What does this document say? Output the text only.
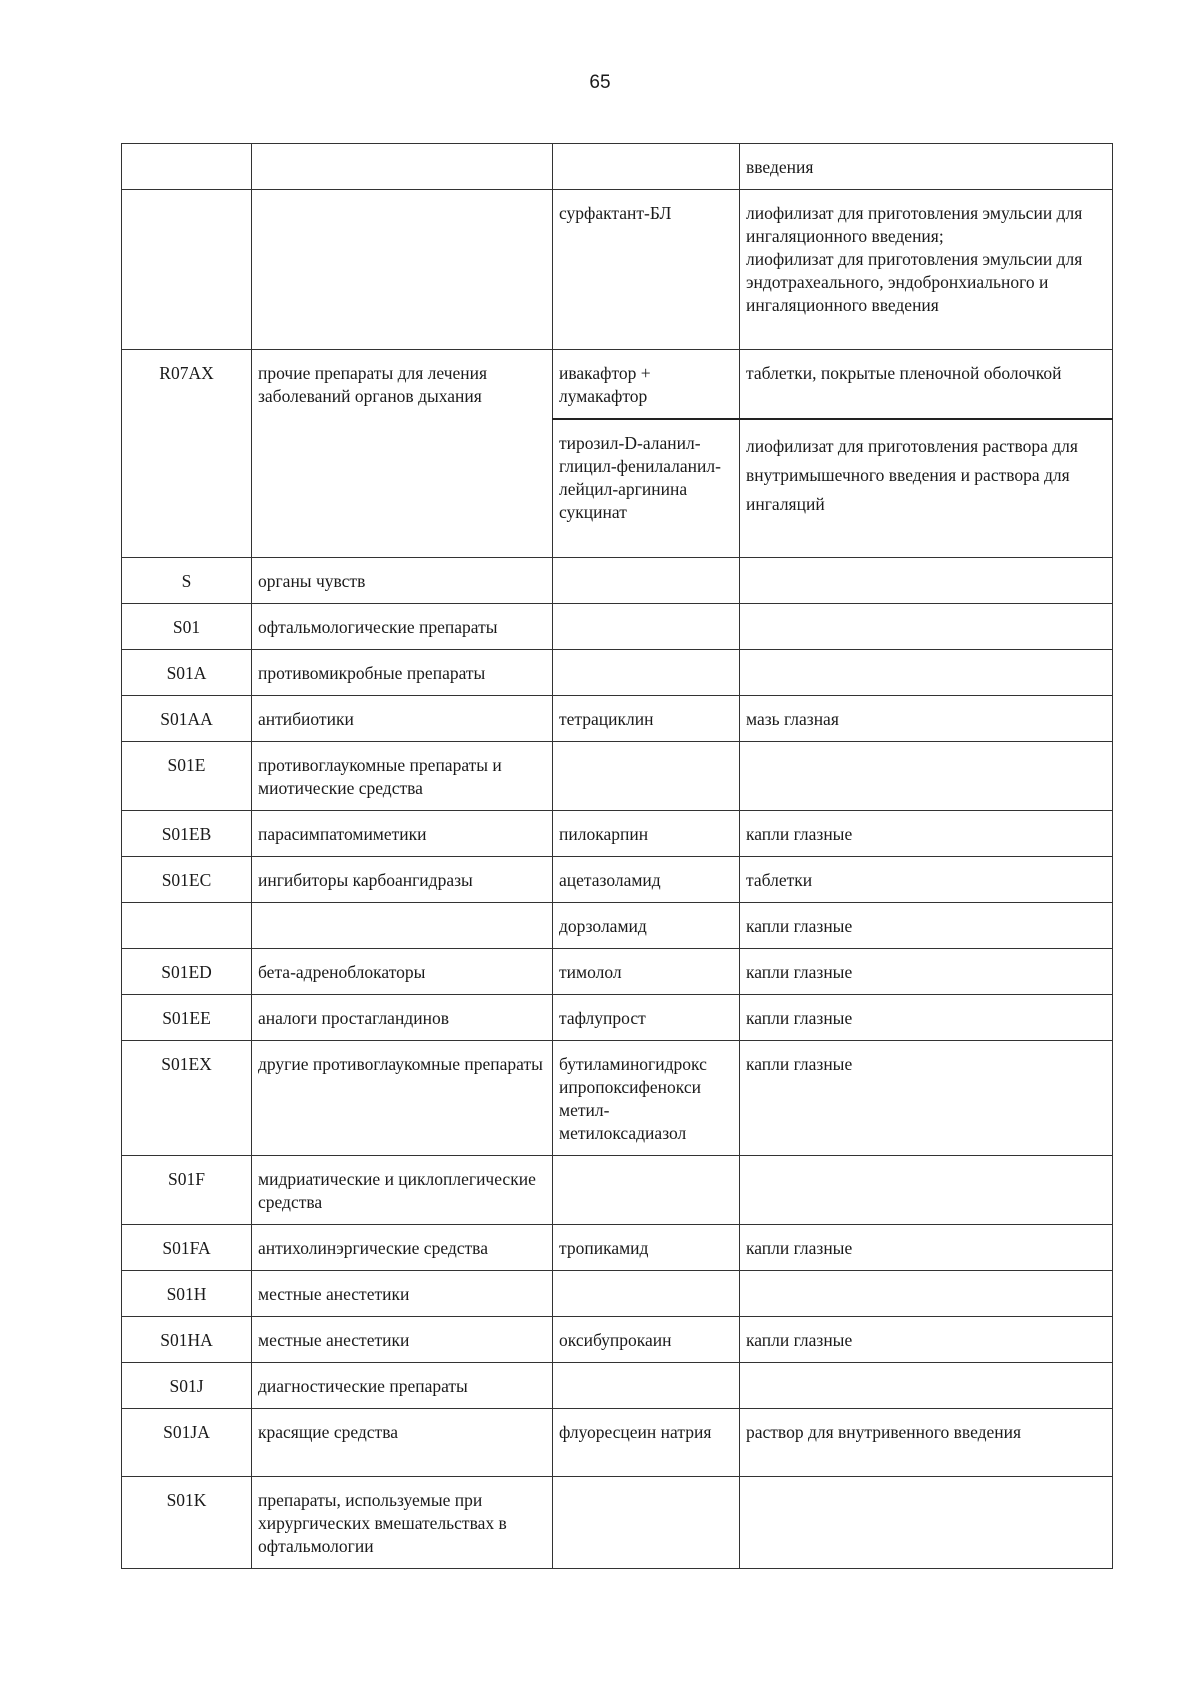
65
			введения
		сурфактант-БЛ	лиофилизат для приготовления эмульсии для ингаляционного введения;
лиофилизат для приготовления эмульсии для эндотрахеального, эндобронхиального и ингаляционного введения
R07AX	прочие препараты для лечения заболеваний органов дыхания	ивакафтор +
лумакафтор	таблетки, покрытые пленочной оболочкой
		тирозил-D-аланил-глицил-фенилаланил-лейцил-аргинина сукцинат	лиофилизат для приготовления раствора для внутримышечного введения и раствора для ингаляций
S	органы чувств		
S01	офтальмологические препараты		
S01A	противомикробные препараты		
S01AA	антибиотики	тетрациклин	мазь глазная
S01E	противоглаукомные препараты и миотические средства		
S01EB	парасимпатомиметики	пилокарпин	капли глазные
S01EC	ингибиторы карбоангидразы	ацетазоламид	таблетки
		дорзоламид	капли глазные
S01ED	бета-адреноблокаторы	тимолол	капли глазные
S01EE	аналоги простагландинов	тафлупрост	капли глазные
S01EX	другие противоглаукомные препараты	бутиламиногидрокс
ипропоксифенокси
метил-
метилоксадиазол	капли глазные
S01F	мидриатические и циклоплегические средства		
S01FA	антихолинэргические средства	тропикамид	капли глазные
S01H	местные анестетики		
S01HA	местные анестетики	оксибупрокаин	капли глазные
S01J	диагностические препараты		
S01JA	красящие средства	флуоресцеин натрия	раствор для внутривенного введения
S01K	препараты, используемые при хирургических вмешательствах в офтальмологии		
